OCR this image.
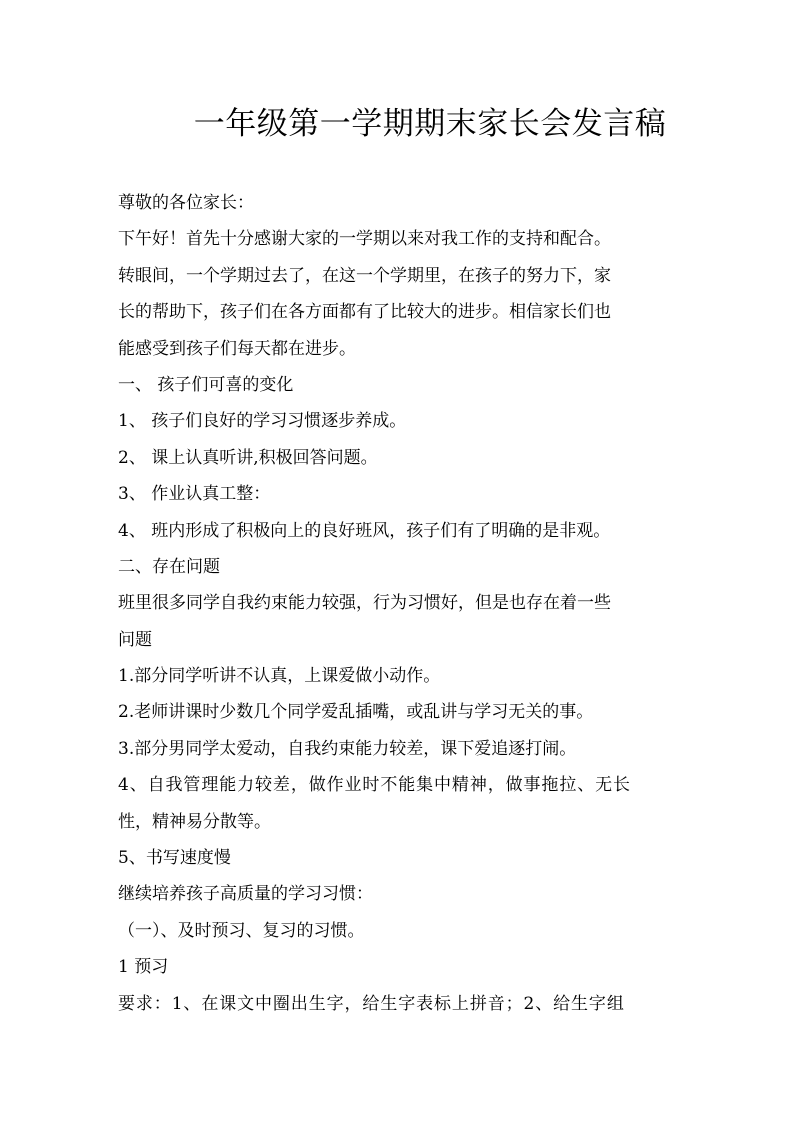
一年级第一学期期末家长会发言稿
尊敬的各位家长：
下午好！首先十分感谢大家的一学期以来对我工作的支持和配合。
转眼间，一个学期过去了，在这一个学期里，在孩子的努力下，家
长的帮助下，孩子们在各方面都有了比较大的进步。相信家长们也
能感受到孩子们每天都在进步。
一、 孩子们可喜的变化
1、 孩子们良好的学习习惯逐步养成。
2、 课上认真听讲,积极回答问题。
3、 作业认真工整：
4、 班内形成了积极向上的良好班风，孩子们有了明确的是非观。
二、存在问题
班里很多同学自我约束能力较强，行为习惯好，但是也存在着一些
问题
1.部分同学听讲不认真，上课爱做小动作。
2.老师讲课时少数几个同学爱乱插嘴，或乱讲与学习无关的事。
3.部分男同学太爱动，自我约束能力较差，课下爱追逐打闹。
4、自我管理能力较差，做作业时不能集中精神，做事拖拉、无长
性，精神易分散等。
5、书写速度慢
继续培养孩子高质量的学习习惯：
（一）、及时预习、复习的习惯。
1 预习
要求：1、在课文中圈出生字，给生字表标上拼音；2、给生字组
